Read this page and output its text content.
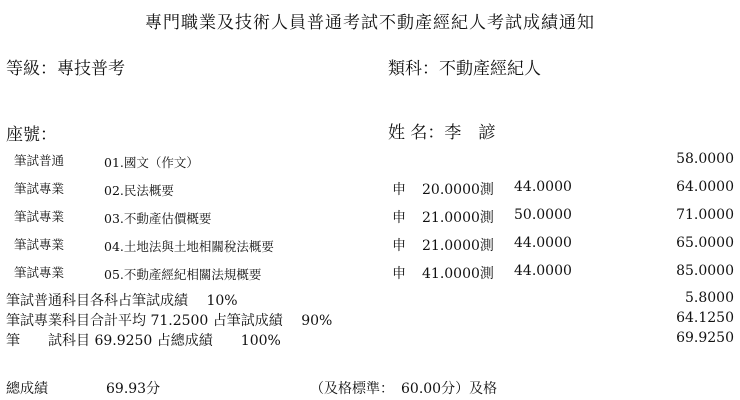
專門職業及技術人員普通考試不動產經紀人考試成績通知
等級：專技普考	類科：不動產經紀人
座號：	姓 名：李　諺
筆試普通	01.國文（作文）	58.0000
筆試專業	02.民法概要	申 20.0000測 44.0000	64.0000
筆試專業	03.不動產估價概要	申 21.0000測 50.0000	71.0000
筆試專業	04.土地法與土地相關稅法概要	申 21.0000測 44.0000	65.0000
筆試專業	05.不動產經紀相關法規概要	申 41.0000測 44.0000	85.0000
筆試普通科目各科占筆試成績　 10%	5.8000
筆試專業科目合計平均 71.2500 占筆試成績　 90%	64.1250
筆　　試科目 69.9250 占總成績　　100%	69.9250
總成績	69.93分	（及格標準：　60.00分）及格
